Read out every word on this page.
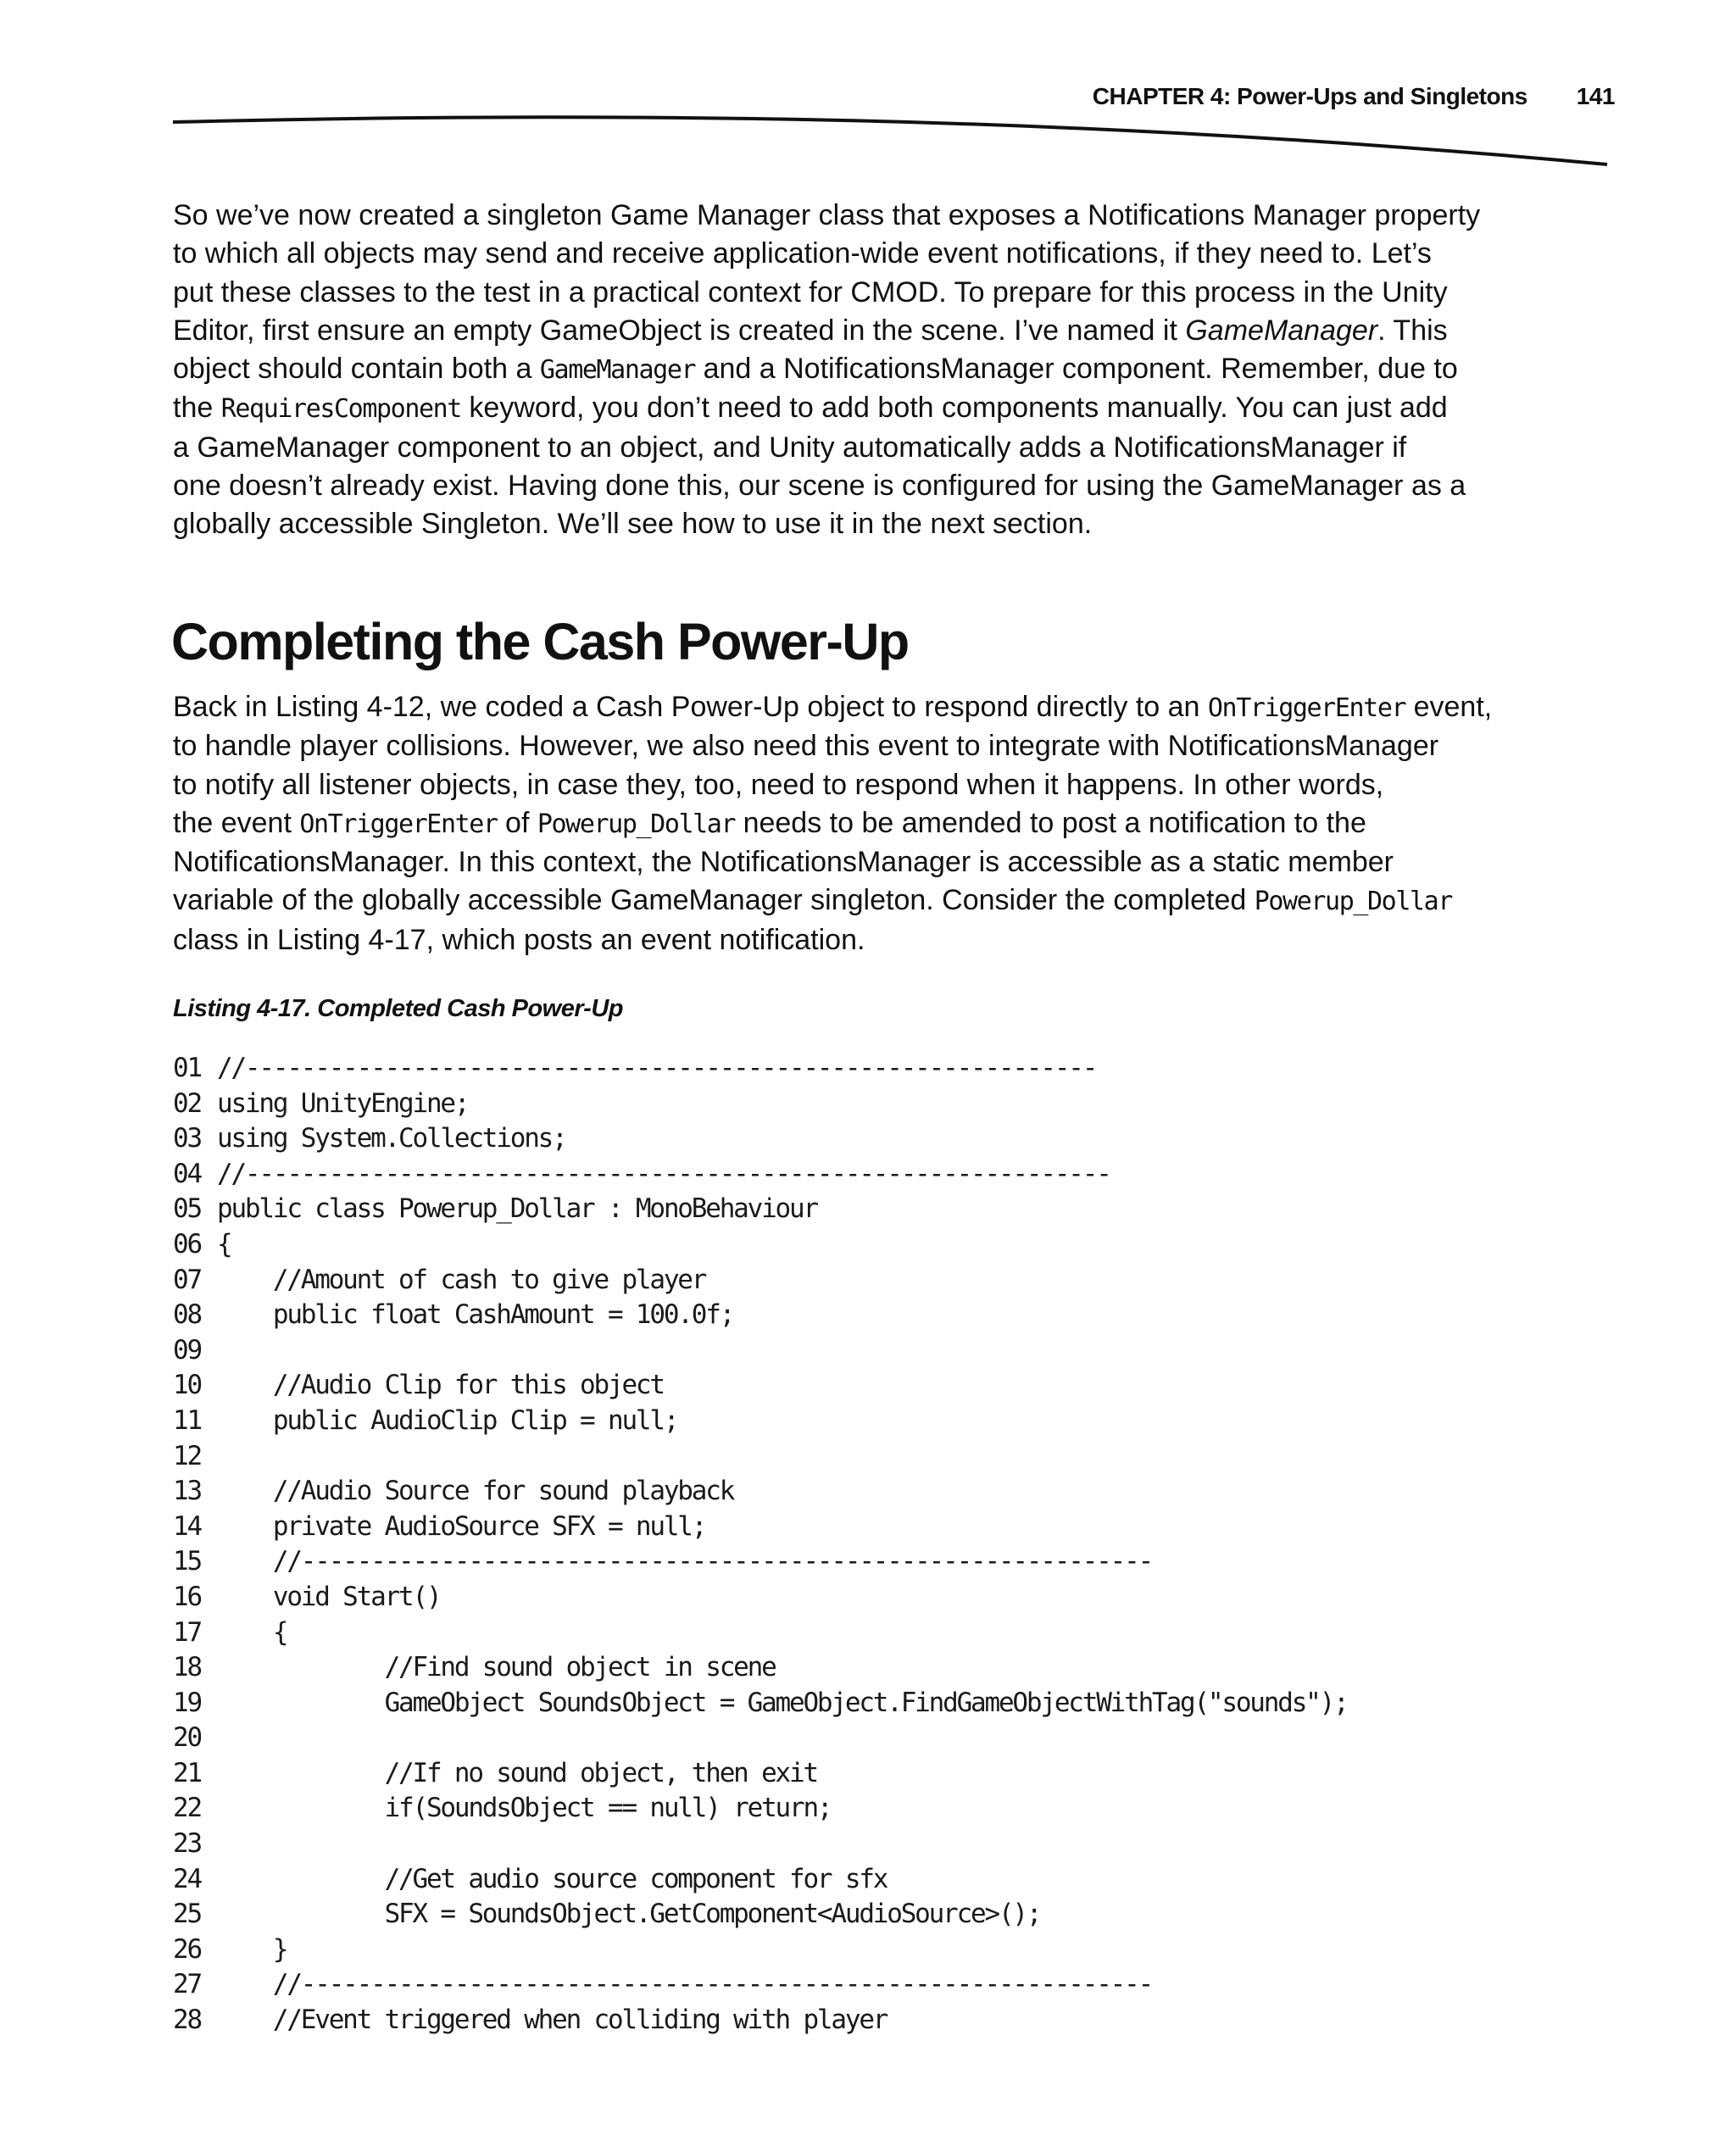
CHAPTER 4: Power-Ups and Singletons 141
So we’ve now created a singleton Game Manager class that exposes a Notifications Manager property
to which all objects may send and receive application-wide event notifications, if they need to. Let’s
put these classes to the test in a practical context for CMOD. To prepare for this process in the Unity
Editor, first ensure an empty GameObject is created in the scene. I’ve named it GameManager. This
object should contain both a GameManager and a NotificationsManager component. Remember, due to
the RequiresComponent keyword, you don’t need to add both components manually. You can just add
a GameManager component to an object, and Unity automatically adds a NotificationsManager if
one doesn’t already exist. Having done this, our scene is configured for using the GameManager as a
globally accessible Singleton. We’ll see how to use it in the next section.
Completing the Cash Power-Up
Back in Listing 4-12, we coded a Cash Power-Up object to respond directly to an OnTriggerEnter event,
to handle player collisions. However, we also need this event to integrate with NotificationsManager
to notify all listener objects, in case they, too, need to respond when it happens. In other words,
the event OnTriggerEnter of Powerup_Dollar needs to be amended to post a notification to the
NotificationsManager. In this context, the NotificationsManager is accessible as a static member
variable of the globally accessible GameManager singleton. Consider the completed Powerup_Dollar
class in Listing 4-17, which posts an event notification.

Listing 4-17. Completed Cash Power-Up

01 //-------------------------------------------------------------
02 using UnityEngine;
03 using System.Collections;
04 //--------------------------------------------------------------
05 public class Powerup_Dollar : MonoBehaviour
06 {
07    //Amount of cash to give player
08    public float CashAmount = 100.0f;
09
10    //Audio Clip for this object
11    public AudioClip Clip = null;
12
13    //Audio Source for sound playback
14    private AudioSource SFX = null;
15    //-------------------------------------------------------------
16    void Start()
17    {
18            //Find sound object in scene
19            GameObject SoundsObject = GameObject.FindGameObjectWithTag("sounds");
20
21            //If no sound object, then exit
22            if(SoundsObject == null) return;
23
24            //Get audio source component for sfx
25            SFX = SoundsObject.GetComponent<AudioSource>();
26    }
27    //-------------------------------------------------------------
28    //Event triggered when colliding with player
